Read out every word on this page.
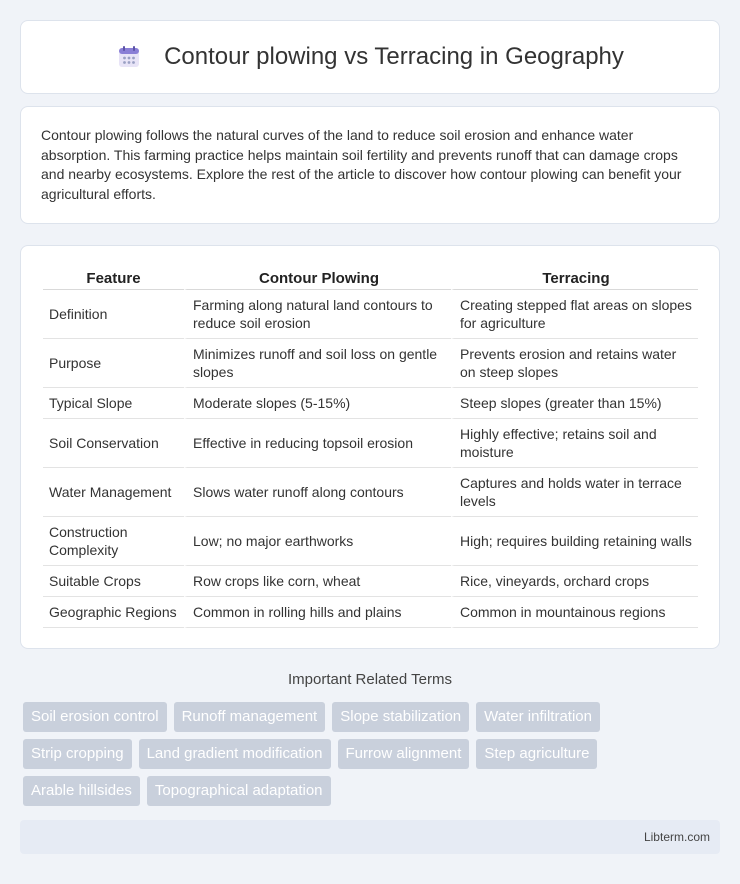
Contour plowing vs Terracing in Geography

Contour plowing follows the natural curves of the land to reduce soil erosion and enhance water absorption. This farming practice helps maintain soil fertility and prevents runoff that can damage crops and nearby ecosystems. Explore the rest of the article to discover how contour plowing can benefit your agricultural efforts.

Feature	Contour Plowing	Terracing
Definition	Farming along natural land contours to reduce soil erosion	Creating stepped flat areas on slopes for agriculture
Purpose	Minimizes runoff and soil loss on gentle slopes	Prevents erosion and retains water on steep slopes
Typical Slope	Moderate slopes (5-15%)	Steep slopes (greater than 15%)
Soil Conservation	Effective in reducing topsoil erosion	Highly effective; retains soil and moisture
Water Management	Slows water runoff along contours	Captures and holds water in terrace levels
Construction Complexity	Low; no major earthworks	High; requires building retaining walls
Suitable Crops	Row crops like corn, wheat	Rice, vineyards, orchard crops
Geographic Regions	Common in rolling hills and plains	Common in mountainous regions
Important Related Terms
Soil erosion control	Runoff management	Slope stabilization	Water infiltration
Strip cropping	Land gradient modification	Furrow alignment	Step agriculture
Arable hillsides	Topographical adaptation
Libterm.com
